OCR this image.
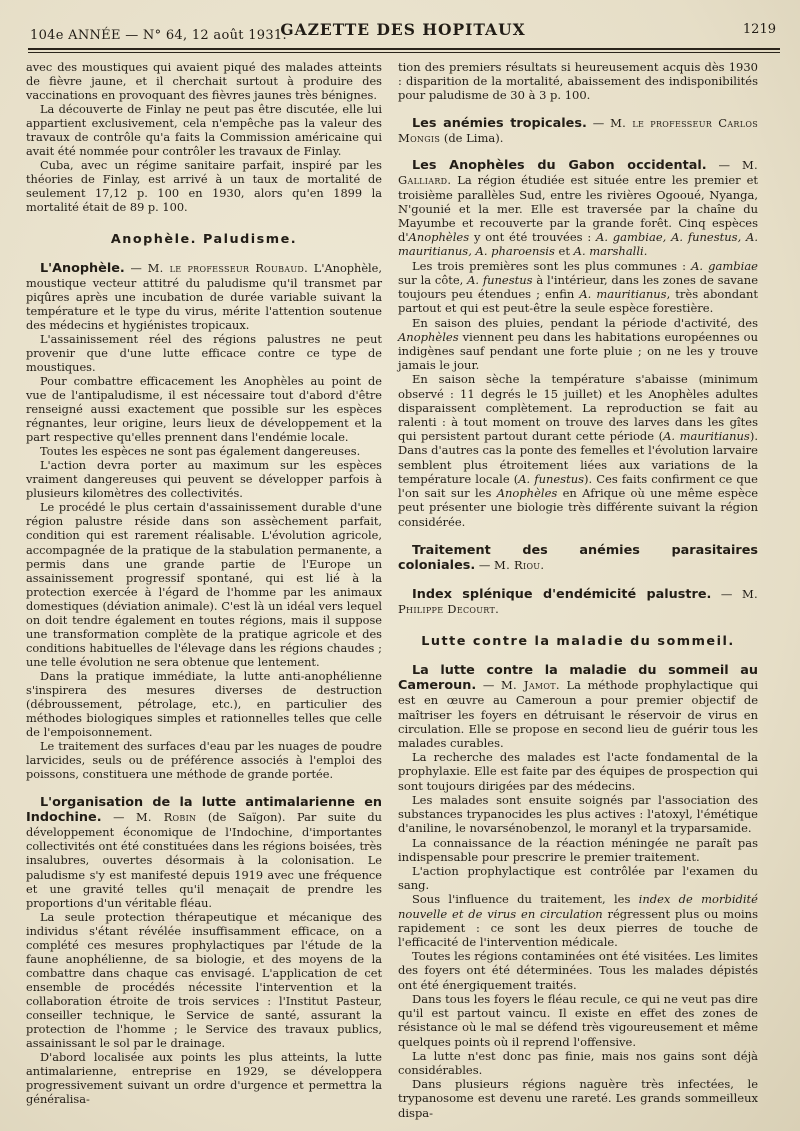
104e ANNÉE — N° 64, 12 août 1931.
GAZETTE DES HOPITAUX	1219

avec des moustiques qui avaient piqué des malades atteints de fièvre jaune, et il cherchait surtout à produire des vaccinations en provoquant des fièvres jaunes très bénignes.

La découverte de Finlay ne peut pas être discutée, elle lui appartient exclusivement, cela n'empêche pas la valeur des travaux de contrôle qu'a faits la Commission américaine qui avait été nommée pour contrôler les travaux de Finlay.

Cuba, avec un régime sanitaire parfait, inspiré par les théories de Finlay, est arrivé à un taux de mortalité de seulement 17,12 p. 100 en 1930, alors qu'en 1899 la mortalité était de 89 p. 100.

Anophèle. Paludisme.

L'Anophèle. — M. le professeur Roubaud. L'Anophèle, moustique vecteur attitré du paludisme qu'il transmet par piqûres après une incubation de durée variable suivant la température et le type du virus, mérite l'attention soutenue des médecins et hygiénistes tropicaux.

L'assainissement réel des régions palustres ne peut provenir que d'une lutte efficace contre ce type de moustiques.

Pour combattre efficacement les Anophèles au point de vue de l'antipaludisme, il est nécessaire tout d'abord d'être renseigné aussi exactement que possible sur les espèces régnantes, leur origine, leurs lieux de développement et la part respective qu'elles prennent dans l'endémie locale.

Toutes les espèces ne sont pas également dangereuses.

L'action devra porter au maximum sur les espèces vraiment dangereuses qui peuvent se développer parfois à plusieurs kilomètres des collectivités.

Le procédé le plus certain d'assainissement durable d'une région palustre réside dans son assèchement parfait, condition qui est rarement réalisable. L'évolution agricole, accompagnée de la pratique de la stabulation permanente, a permis dans une grande partie de l'Europe un assainissement progressif spontané, qui est lié à la protection exercée à l'égard de l'homme par les animaux domestiques (déviation animale). C'est là un idéal vers lequel on doit tendre également en toutes régions, mais il suppose une transformation complète de la pratique agricole et des conditions habituelles de l'élevage dans les régions chaudes ; une telle évolution ne sera obtenue que lentement.

Dans la pratique immédiate, la lutte anti-anophélienne s'inspirera des mesures diverses de destruction (débroussement, pétrolage, etc.), en particulier des méthodes biologiques simples et rationnelles telles que celle de l'empoisonnement.

Le traitement des surfaces d'eau par les nuages de poudre larvicides, seuls ou de préférence associés à l'emploi des poissons, constituera une méthode de grande portée.

L'organisation de la lutte antimalarienne en Indochine. — M. Robin (de Saïgon). Par suite du développement économique de l'Indochine, d'importantes collectivités ont été constituées dans les régions boisées, très insalubres, ouvertes désormais à la colonisation. Le paludisme s'y est manifesté depuis 1919 avec une fréquence et une gravité telles qu'il menaçait de prendre les proportions d'un véritable fléau.

La seule protection thérapeutique et mécanique des individus s'étant révélée insuffisamment efficace, on a complété ces mesures prophylactiques par l'étude de la faune anophélienne, de sa biologie, et des moyens de la combattre dans chaque cas envisagé. L'application de cet ensemble de procédés nécessite l'intervention et la collaboration étroite de trois services : l'Institut Pasteur, conseiller technique, le Service de santé, assurant la protection de l'homme ; le Service des travaux publics, assainissant le sol par le drainage.

D'abord localisée aux points les plus atteints, la lutte antimalarienne, entreprise en 1929, se développera progressivement suivant un ordre d'urgence et permettra la généralisa-

tion des premiers résultats si heureusement acquis dès 1930 : disparition de la mortalité, abaissement des indisponibilités pour paludisme de 30 à 3 p. 100.

Les anémies tropicales. — M. le professeur Carlos Mongis (de Lima).

Les Anophèles du Gabon occidental. — M. Galliard. La région étudiée est située entre les premier et troisième parallèles Sud, entre les rivières Ogooué, Nyanga, N'gounié et la mer. Elle est traversée par la chaîne du Mayumbe et recouverte par la grande forêt. Cinq espèces d'Anophèles y ont été trouvées : A. gambiae, A. funestus, A. mauritianus, A. pharoensis et A. marshalli.

Les trois premières sont les plus communes : A. gambiae sur la côte, A. funestus à l'intérieur, dans les zones de savane toujours peu étendues ; enfin A. mauritianus, très abondant partout et qui est peut-être la seule espèce forestière.

En saison des pluies, pendant la période d'activité, des Anophèles viennent peu dans les habitations européennes ou indigènes sauf pendant une forte pluie ; on ne les y trouve jamais le jour.

En saison sèche la température s'abaisse (minimum observé : 11 degrés le 15 juillet) et les Anophèles adultes disparaissent complètement. La reproduction se fait au ralenti : à tout moment on trouve des larves dans les gîtes qui persistent partout durant cette période (A. mauritianus). Dans d'autres cas la ponte des femelles et l'évolution larvaire semblent plus étroitement liées aux variations de la température locale (A. funestus). Ces faits confirment ce que l'on sait sur les Anophèles en Afrique où une même espèce peut présenter une biologie très différente suivant la région considérée.

Traitement des anémies parasitaires coloniales. — M. Riou.

Index splénique d'endémicité palustre. — M. Philippe Decourt.

Lutte contre la maladie du sommeil.

La lutte contre la maladie du sommeil au Cameroun. — M. Jamot. La méthode prophylactique qui est en œuvre au Cameroun a pour premier objectif de maîtriser les foyers en détruisant le réservoir de virus en circulation. Elle se propose en second lieu de guérir tous les malades curables.

La recherche des malades est l'acte fondamental de la prophylaxie. Elle est faite par des équipes de prospection qui sont toujours dirigées par des médecins.

Les malades sont ensuite soignés par l'association des substances trypanocides les plus actives : l'atoxyl, l'émétique d'aniline, le novarsénobenzol, le moranyl et la tryparsamide.

La connaissance de la réaction méningée ne paraît pas indispensable pour prescrire le premier traitement.

L'action prophylactique est contrôlée par l'examen du sang.

Sous l'influence du traitement, les index de morbidité nouvelle et de virus en circulation régressent plus ou moins rapidement : ce sont les deux pierres de touche de l'efficacité de l'intervention médicale.

Toutes les régions contaminées ont été visitées. Les limites des foyers ont été déterminées. Tous les malades dépistés ont été énergiquement traités.

Dans tous les foyers le fléau recule, ce qui ne veut pas dire qu'il est partout vaincu. Il existe en effet des zones de résistance où le mal se défend très vigoureusement et même quelques points où il reprend l'offensive.

La lutte n'est donc pas finie, mais nos gains sont déjà considérables.

Dans plusieurs régions naguère très infectées, le trypanosome est devenu une rareté. Les grands sommeilleux dispa-
